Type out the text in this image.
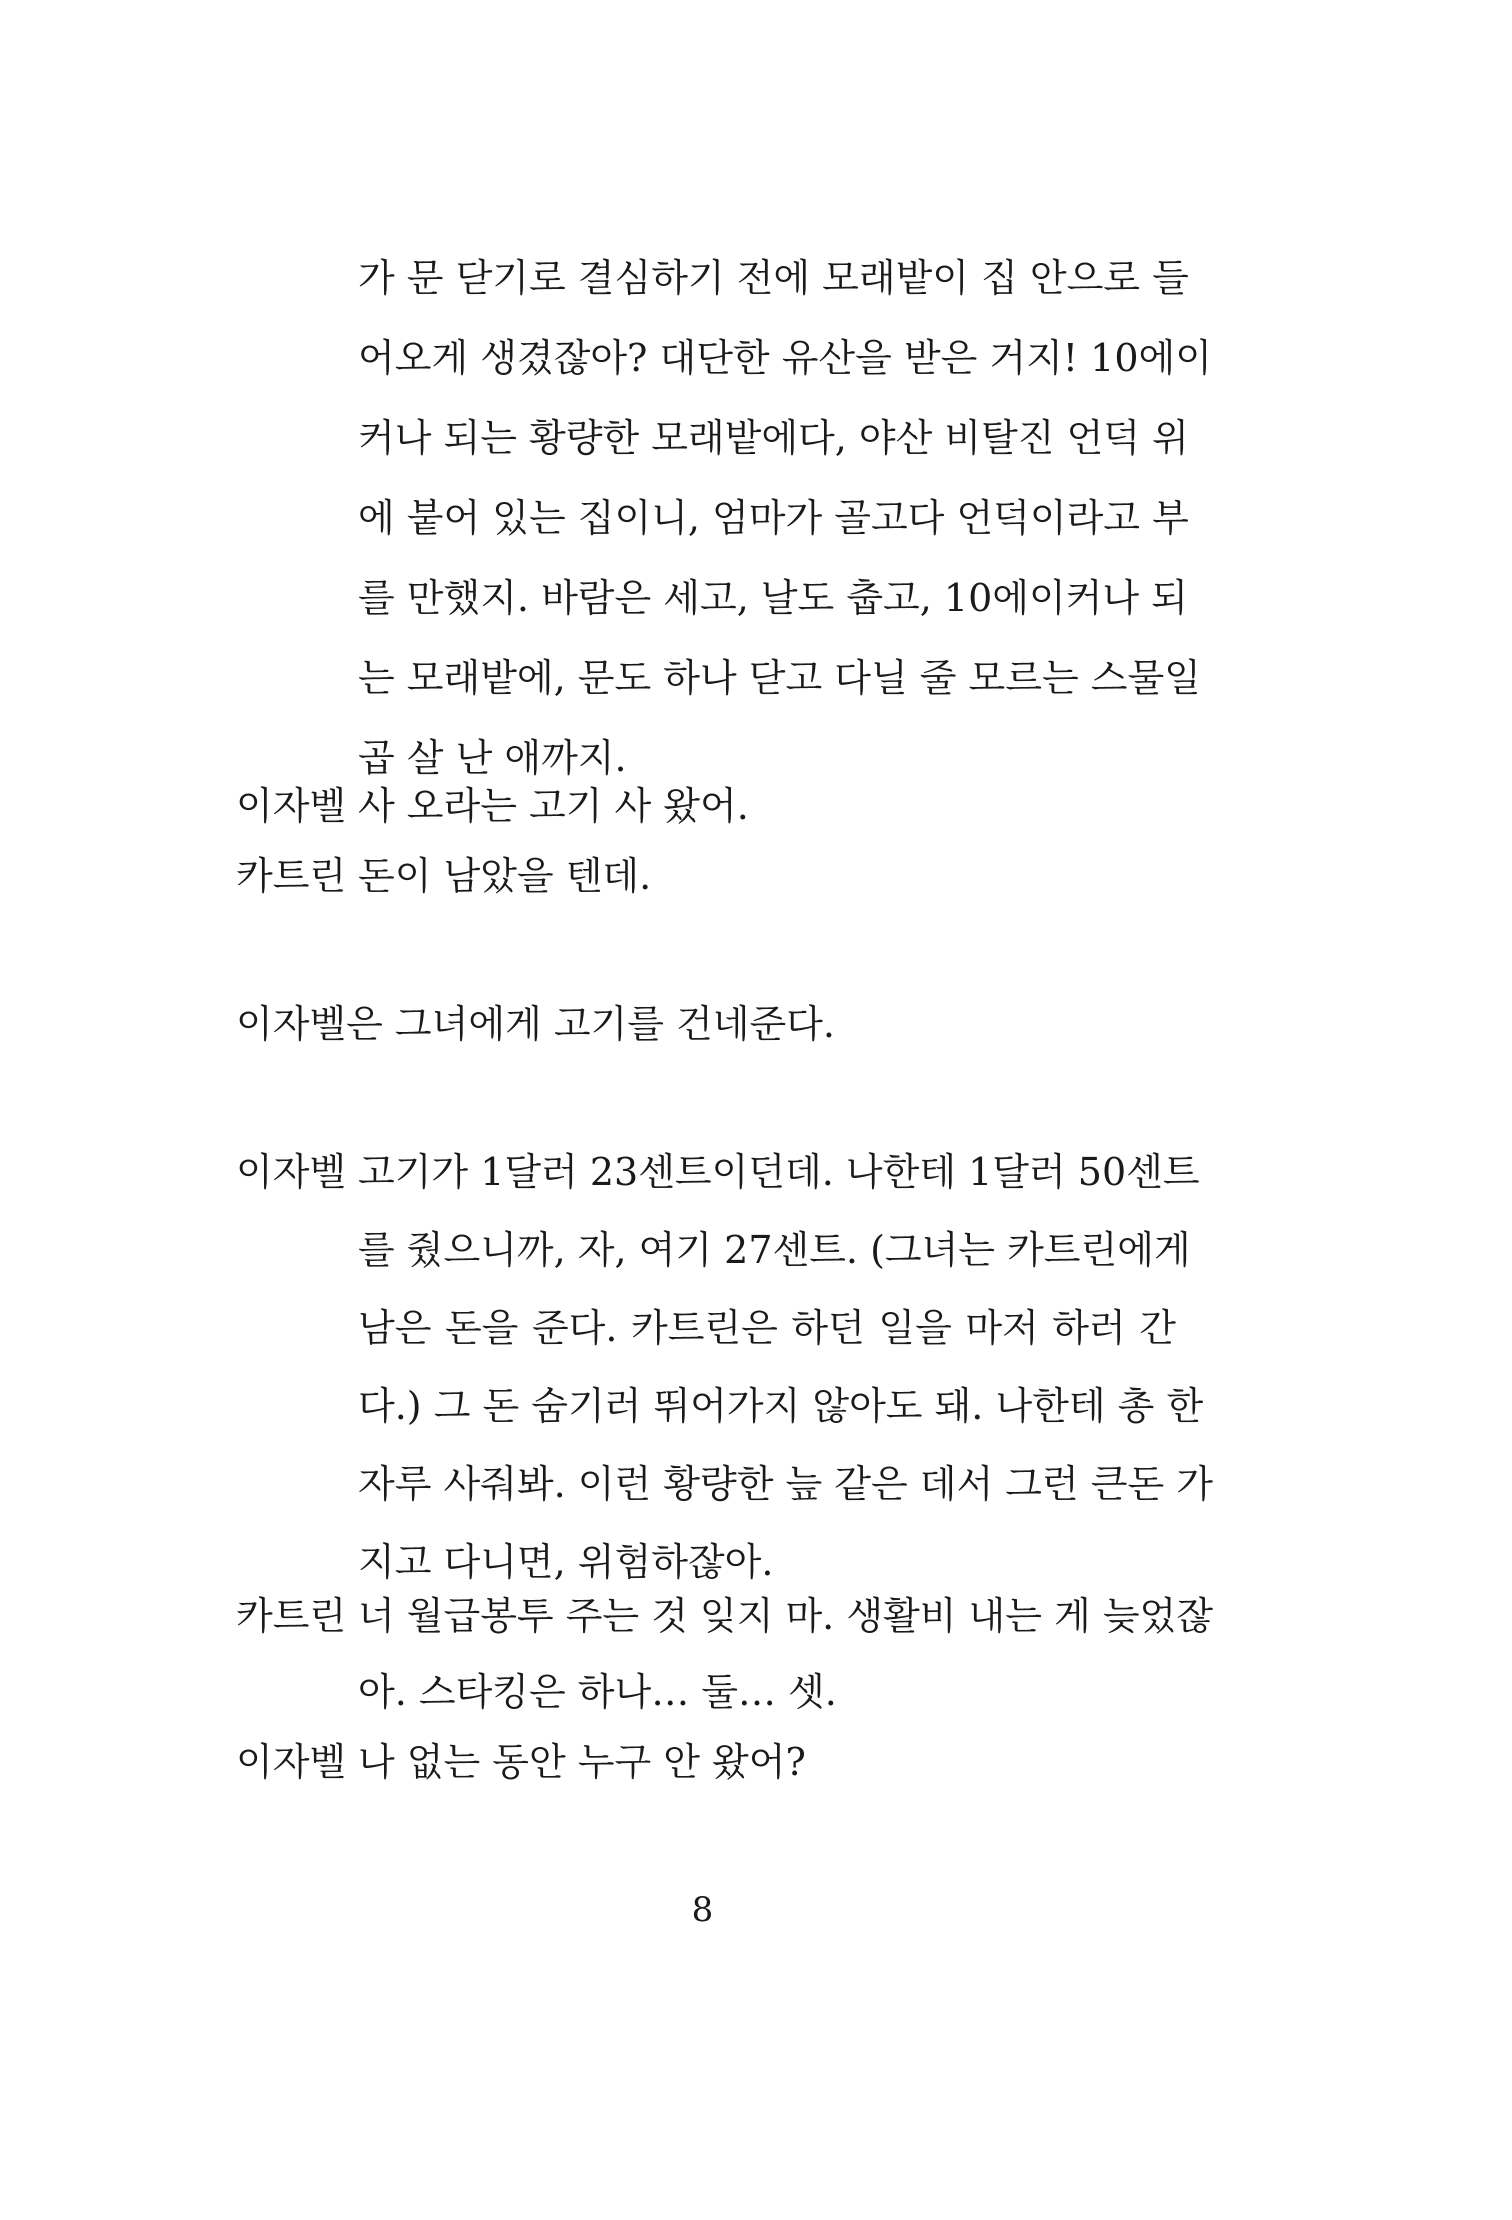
가 문 닫기로 결심하기 전에 모래밭이 집 안으로 들
어오게 생겼잖아? 대단한 유산을 받은 거지! 10에이
커나 되는 황량한 모래밭에다, 야산 비탈진 언덕 위
에 붙어 있는 집이니, 엄마가 골고다 언덕이라고 부
를 만했지. 바람은 세고, 날도 춥고, 10에이커나 되
는 모래밭에, 문도 하나 닫고 다닐 줄 모르는 스물일
곱 살 난 애까지.
이자벨 사 오라는 고기 사 왔어.
카트린 돈이 남았을 텐데.
이자벨은 그녀에게 고기를 건네준다.
이자벨 고기가 1달러 23센트이던데. 나한테 1달러 50센트
를 줬으니까, 자, 여기 27센트. (그녀는 카트린에게
남은 돈을 준다. 카트린은 하던 일을 마저 하러 간
다.) 그 돈 숨기러 뛰어가지 않아도 돼. 나한테 총 한
자루 사줘봐. 이런 황량한 늪 같은 데서 그런 큰돈 가
지고 다니면, 위험하잖아.
카트린 너 월급봉투 주는 것 잊지 마. 생활비 내는 게 늦었잖
아. 스타킹은 하나… 둘… 셋.
이자벨 나 없는 동안 누구 안 왔어?
8
